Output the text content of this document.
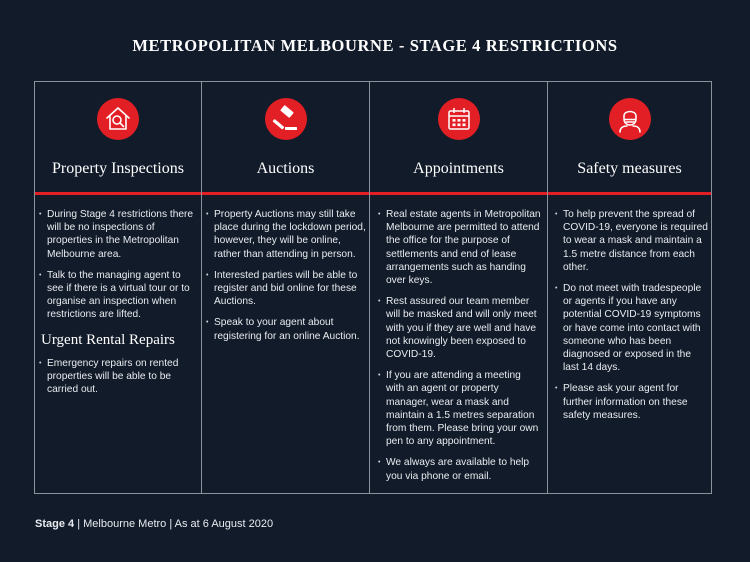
METROPOLITAN MELBOURNE - STAGE 4 RESTRICTIONS
Property Inspections
• During Stage 4 restrictions there will be no inspections of properties in the Metropolitan Melbourne area.
• Talk to the managing agent to see if there is a virtual tour or to organise an inspection when restrictions are lifted.
Urgent Rental Repairs
• Emergency repairs on rented properties will be able to be carried out.
Auctions
• Property Auctions may still take place during the lockdown period, however, they will be online, rather than attending in person.
• Interested parties will be able to register and bid online for these Auctions.
• Speak to your agent about registering for an online Auction.
Appointments
• Real estate agents in Metropolitan Melbourne are permitted to attend the office for the purpose of settlements and end of lease arrangements such as handing over keys.
• Rest assured our team member will be masked and will only meet with you if they are well and have not knowingly been exposed to COVID-19.
• If you are attending a meeting with an agent or property manager, wear a mask and maintain a 1.5 metres separation from them. Please bring your own pen to any appointment.
• We always are available to help you via phone or email.
Safety measures
• To help prevent the spread of COVID-19, everyone is required to wear a mask and maintain a 1.5 metre distance from each other.
• Do not meet with tradespeople or agents if you have any potential COVID-19 symptoms or have come into contact with someone who has been diagnosed or exposed in the last 14 days.
• Please ask your agent for further information on these safety measures.
Stage 4 | Melbourne Metro | As at 6 August 2020
